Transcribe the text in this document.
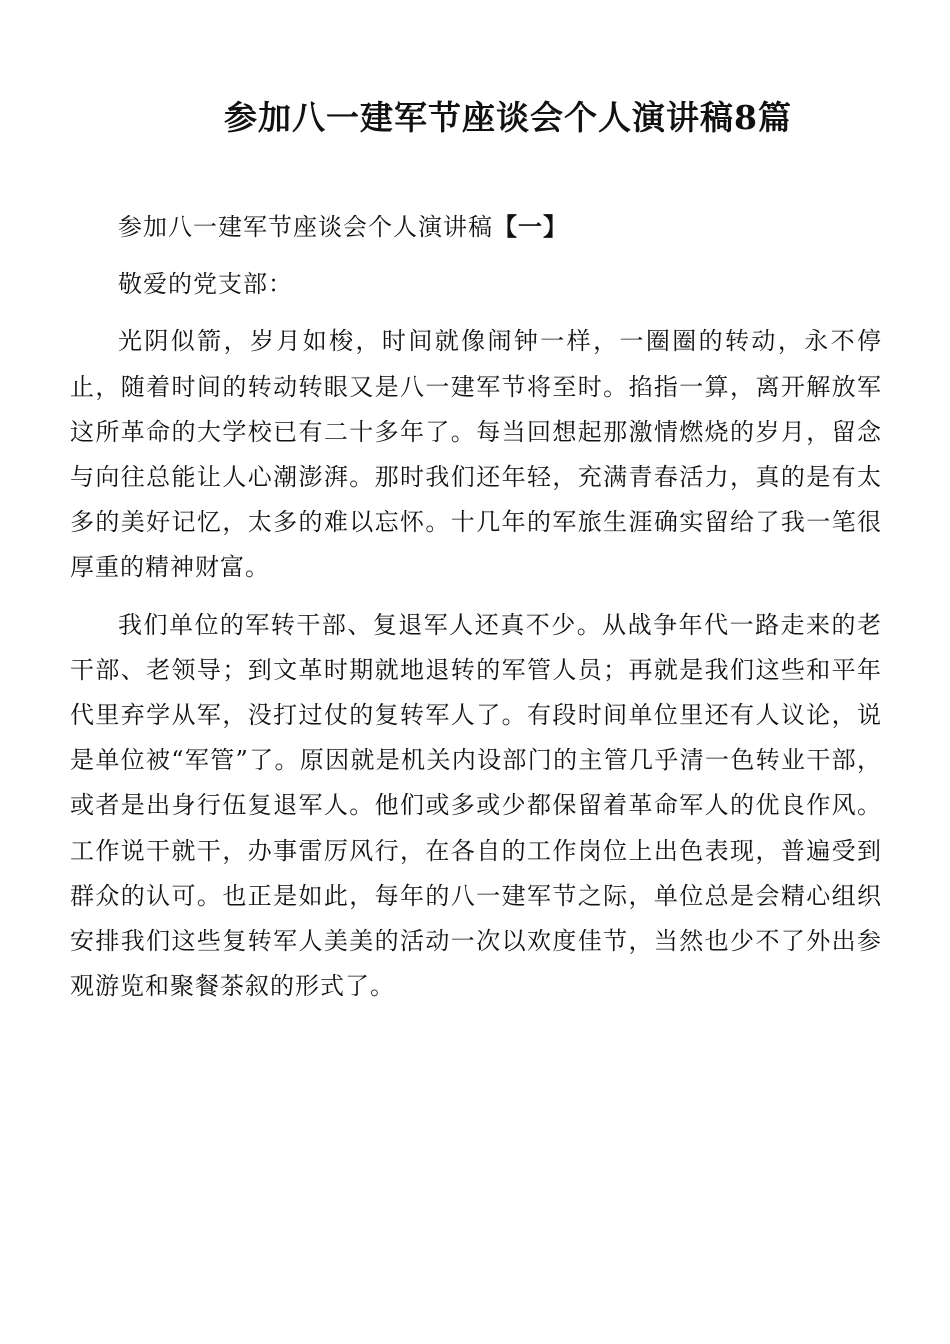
参加八一建军节座谈会个人演讲稿8篇

参加八一建军节座谈会个人演讲稿【一】

敬爱的党支部：

光阴似箭，岁月如梭，时间就像闹钟一样，一圈圈的转动，永不停止，随着时间的转动转眼又是八一建军节将至时。掐指一算，离开解放军这所革命的大学校已有二十多年了。每当回想起那激情燃烧的岁月，留念与向往总能让人心潮澎湃。那时我们还年轻，充满青春活力，真的是有太多的美好记忆，太多的难以忘怀。十几年的军旅生涯确实留给了我一笔很厚重的精神财富。

我们单位的军转干部、复退军人还真不少。从战争年代一路走来的老干部、老领导；到文革时期就地退转的军管人员；再就是我们这些和平年代里弃学从军，没打过仗的复转军人了。有段时间单位里还有人议论，说是单位被“军管”了。原因就是机关内设部门的主管几乎清一色转业干部，或者是出身行伍复退军人。他们或多或少都保留着革命军人的优良作风。工作说干就干，办事雷厉风行，在各自的工作岗位上出色表现，普遍受到群众的认可。也正是如此，每年的八一建军节之际，单位总是会精心组织安排我们这些复转军人美美的活动一次以欢度佳节，当然也少不了外出参观游览和聚餐茶叙的形式了。
